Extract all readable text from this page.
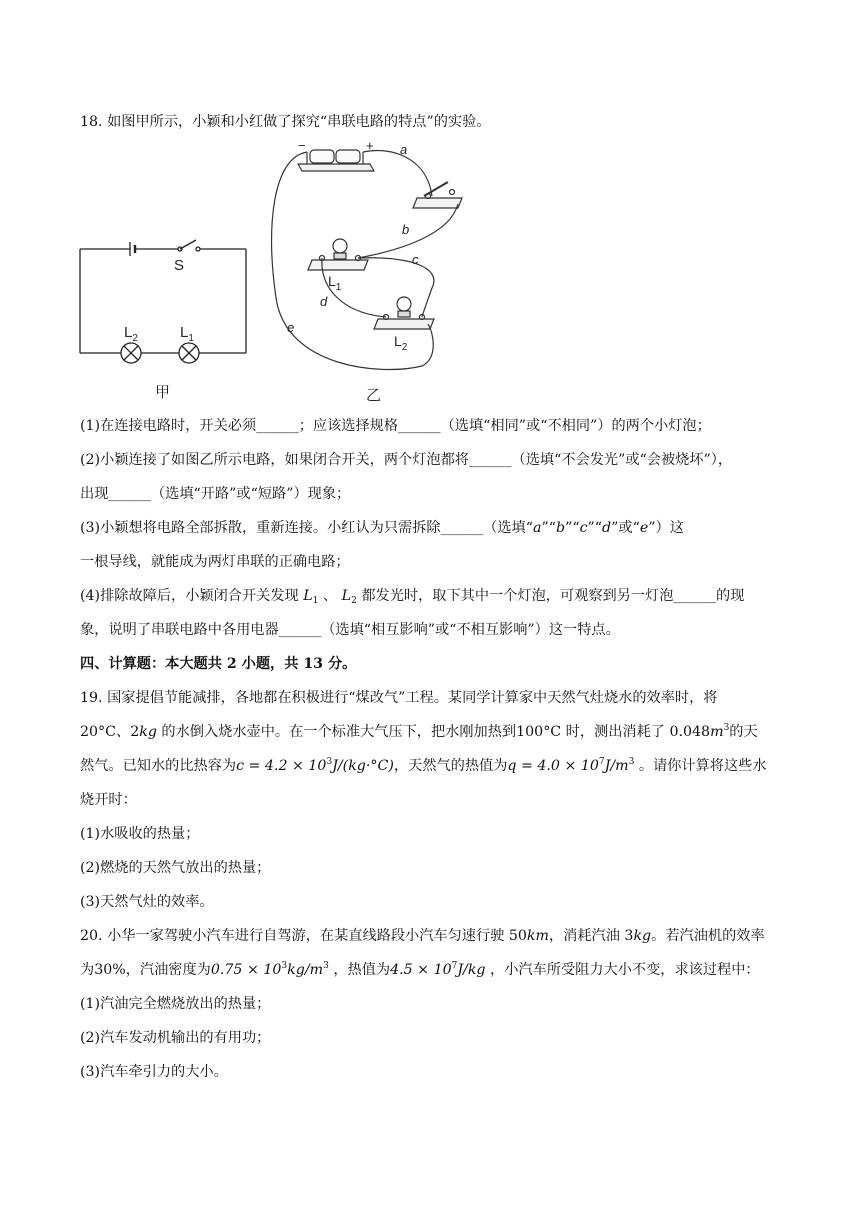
18. 如图甲所示，小颖和小红做了探究“串联电路的特点”的实验。
S
$L_2$	$L_1$
甲
−	+ a
b
c
d
e
$L_1$
$L_2$
乙
(1)在连接电路时，开关必须______；应该选择规格______（选填“相同”或“不相同”）的两个小灯泡；
(2)小颖连接了如图乙所示电路，如果闭合开关，两个灯泡都将______（选填“不会发光”或“会被烧坏”），
出现______（选填“开路”或“短路”）现象；
(3)小颖想将电路全部拆散，重新连接。小红认为只需拆除______（选填“a”“b”“c”“d”或“e”）这
一根导线，就能成为两灯串联的正确电路；
(4)排除故障后，小颖闭合开关发现 $L_1$ 、 $L_2$ 都发光时，取下其中一个灯泡，可观察到另一灯泡______的现
象，说明了串联电路中各用电器______（选填“相互影响”或“不相互影响”）这一特点。
四、计算题：本大题共 2 小题，共 13 分。
19. 国家提倡节能减排，各地都在积极进行“煤改气”工程。某同学计算家中天然气灶烧水的效率时，将
20°C、2kg 的水倒入烧水壶中。在一个标准大气压下，把水刚加热到100°C 时，测出消耗了 $0.048m^3$的天
然气。已知水的比热容为$c = 4.2 \times 10^3J/(kg\cdot^\circ C)$，天然气的热值为$q = 4.0 \times 10^7J/m^3$ 。请你计算将这些水
烧开时：
(1)水吸收的热量；
(2)燃烧的天然气放出的热量；
(3)天然气灶的效率。
20. 小华一家驾驶小汽车进行自驾游，在某直线路段小汽车匀速行驶 50km，消耗汽油 3kg。若汽油机的效率
为30%，汽油密度为$0.75 \times 10^3kg/m^3$ ，热值为$4.5 \times 10^7J/kg$ ，小汽车所受阻力大小不变，求该过程中：
(1)汽油完全燃烧放出的热量；
(2)汽车发动机输出的有用功；
(3)汽车牵引力的大小。
